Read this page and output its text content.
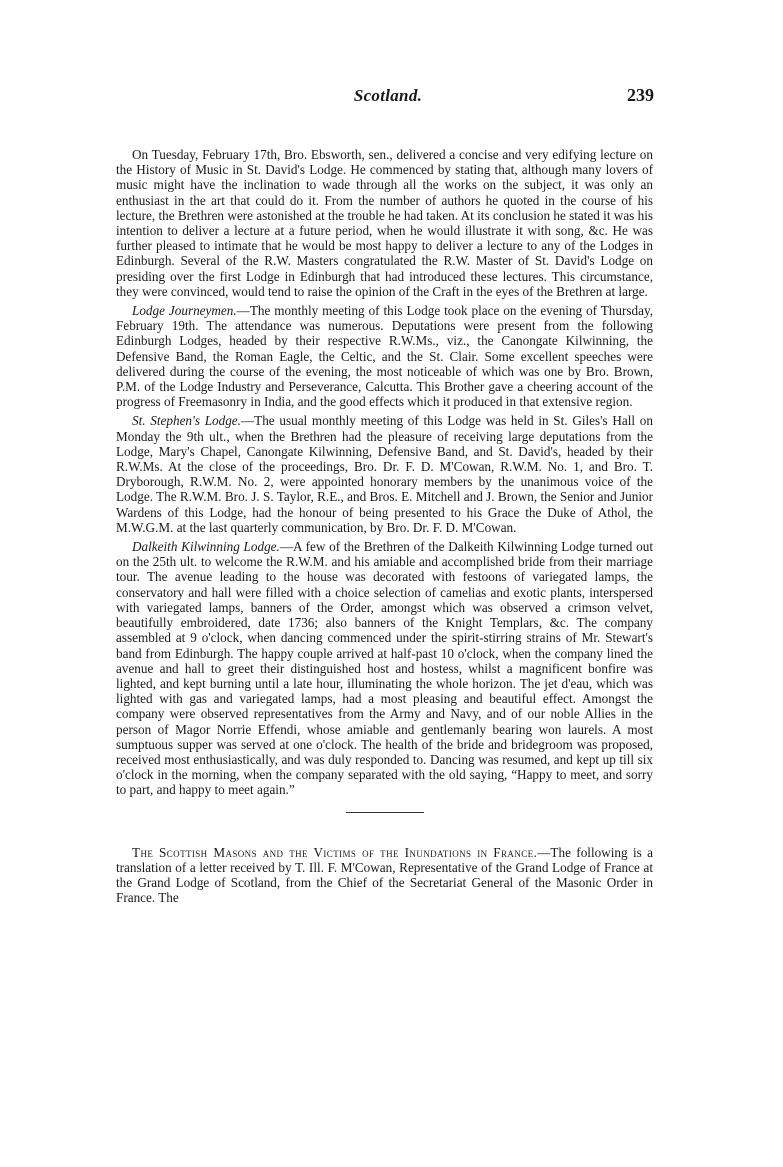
Scotland.	239

On Tuesday, February 17th, Bro. Ebsworth, sen., delivered a concise and very edifying lecture on the History of Music in St. David's Lodge. He commenced by stating that, although many lovers of music might have the inclination to wade through all the works on the subject, it was only an enthusiast in the art that could do it. From the number of authors he quoted in the course of his lecture, the Brethren were astonished at the trouble he had taken. At its conclusion he stated it was his intention to deliver a lecture at a future period, when he would illustrate it with song, &c. He was further pleased to intimate that he would be most happy to deliver a lecture to any of the Lodges in Edinburgh. Several of the R.W. Masters congratulated the R.W. Master of St. David's Lodge on presiding over the first Lodge in Edinburgh that had introduced these lectures. This circumstance, they were convinced, would tend to raise the opinion of the Craft in the eyes of the Brethren at large.

Lodge Journeymen.—The monthly meeting of this Lodge took place on the evening of Thursday, February 19th. The attendance was numerous. Deputations were present from the following Edinburgh Lodges, headed by their respective R.W.Ms., viz., the Canongate Kilwinning, the Defensive Band, the Roman Eagle, the Celtic, and the St. Clair. Some excellent speeches were delivered during the course of the evening, the most noticeable of which was one by Bro. Brown, P.M. of the Lodge Industry and Perseverance, Calcutta. This Brother gave a cheering account of the progress of Freemasonry in India, and the good effects which it produced in that extensive region.

St. Stephen's Lodge.—The usual monthly meeting of this Lodge was held in St. Giles's Hall on Monday the 9th ult., when the Brethren had the pleasure of receiving large deputations from the Lodge, Mary's Chapel, Canongate Kilwinning, Defensive Band, and St. David's, headed by their R.W.Ms. At the close of the proceedings, Bro. Dr. F. D. M'Cowan, R.W.M. No. 1, and Bro. T. Dryborough, R.W.M. No. 2, were appointed honorary members by the unanimous voice of the Lodge. The R.W.M. Bro. J. S. Taylor, R.E., and Bros. E. Mitchell and J. Brown, the Senior and Junior Wardens of this Lodge, had the honour of being presented to his Grace the Duke of Athol, the M.W.G.M. at the last quarterly communication, by Bro. Dr. F. D. M'Cowan.

Dalkeith Kilwinning Lodge.—A few of the Brethren of the Dalkeith Kilwinning Lodge turned out on the 25th ult. to welcome the R.W.M. and his amiable and accomplished bride from their marriage tour. The avenue leading to the house was decorated with festoons of variegated lamps, the conservatory and hall were filled with a choice selection of camelias and exotic plants, interspersed with variegated lamps, banners of the Order, amongst which was observed a crimson velvet, beautifully embroidered, date 1736; also banners of the Knight Templars, &c. The company assembled at 9 o'clock, when dancing commenced under the spirit-stirring strains of Mr. Stewart's band from Edinburgh. The happy couple arrived at half-past 10 o'clock, when the company lined the avenue and hall to greet their distinguished host and hostess, whilst a magnificent bonfire was lighted, and kept burning until a late hour, illuminating the whole horizon. The jet d'eau, which was lighted with gas and variegated lamps, had a most pleasing and beautiful effect. Amongst the company were observed representatives from the Army and Navy, and of our noble Allies in the person of Magor Norrie Effendi, whose amiable and gentlemanly bearing won laurels. A most sumptuous supper was served at one o'clock. The health of the bride and bridegroom was proposed, received most enthusiastically, and was duly responded to. Dancing was resumed, and kept up till six o'clock in the morning, when the company separated with the old saying, “Happy to meet, and sorry to part, and happy to meet again.”

The Scottish Masons and the Victims of the Inundations in France.—The following is a translation of a letter received by T. Ill. F. M'Cowan, Representative of the Grand Lodge of France at the Grand Lodge of Scotland, from the Chief of the Secretariat General of the Masonic Order in France. The
